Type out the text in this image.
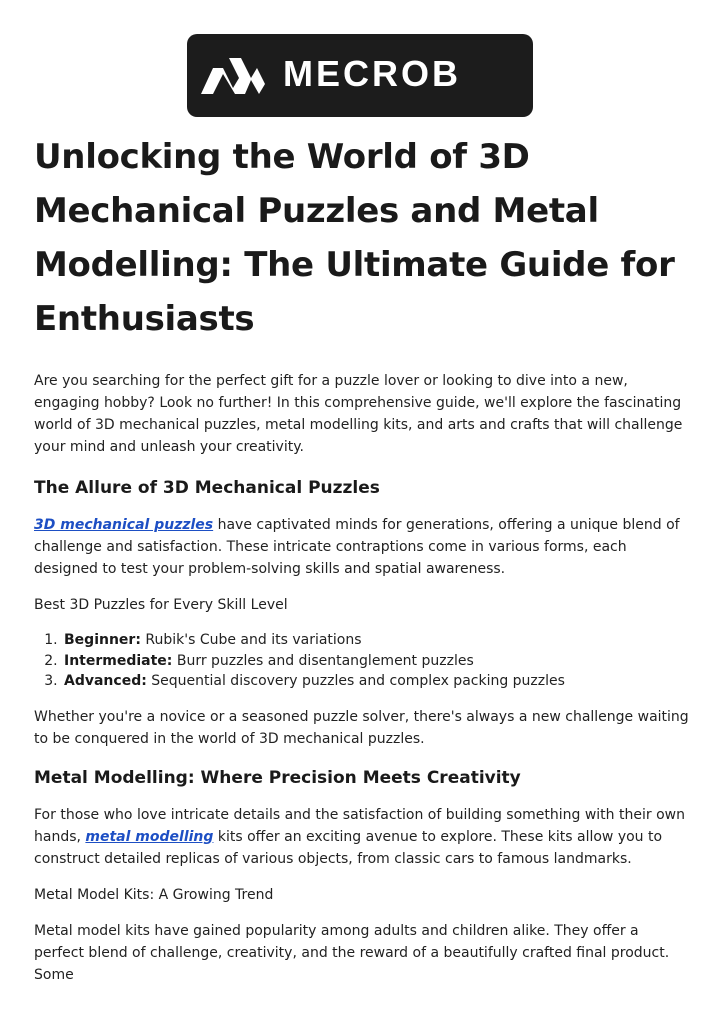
MECROB
Unlocking the World of 3D Mechanical Puzzles and Metal Modelling: The Ultimate Guide for Enthusiasts

Are you searching for the perfect gift for a puzzle lover or looking to dive into a new, engaging hobby? Look no further! In this comprehensive guide, we'll explore the fascinating world of 3D mechanical puzzles, metal modelling kits, and arts and crafts that will challenge your mind and unleash your creativity.

The Allure of 3D Mechanical Puzzles

3D mechanical puzzles have captivated minds for generations, offering a unique blend of challenge and satisfaction. These intricate contraptions come in various forms, each designed to test your problem-solving skills and spatial awareness.

Best 3D Puzzles for Every Skill Level

1. Beginner: Rubik's Cube and its variations
2. Intermediate: Burr puzzles and disentanglement puzzles
3. Advanced: Sequential discovery puzzles and complex packing puzzles

Whether you're a novice or a seasoned puzzle solver, there's always a new challenge waiting to be conquered in the world of 3D mechanical puzzles.

Metal Modelling: Where Precision Meets Creativity

For those who love intricate details and the satisfaction of building something with their own hands, metal modelling kits offer an exciting avenue to explore. These kits allow you to construct detailed replicas of various objects, from classic cars to famous landmarks.

Metal Model Kits: A Growing Trend

Metal model kits have gained popularity among adults and children alike. They offer a perfect blend of challenge, creativity, and the reward of a beautifully crafted final product. Some
